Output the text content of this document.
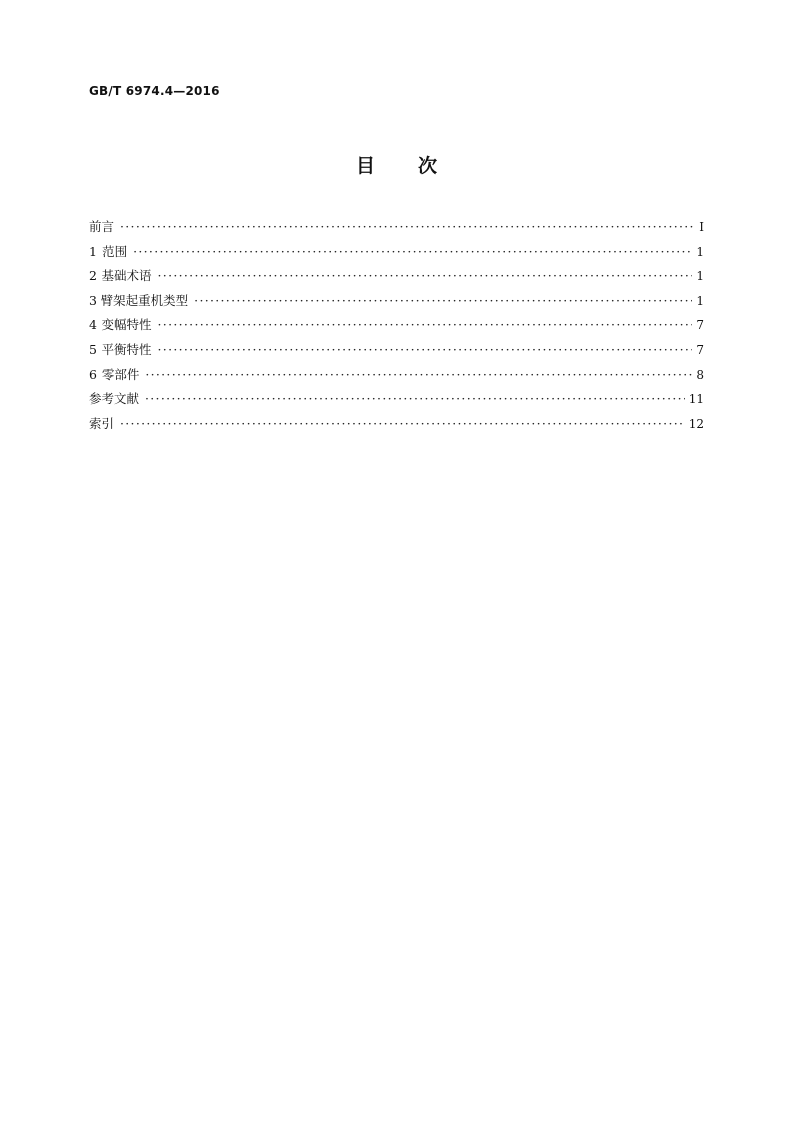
GB/T 6974.4—2016
目 次
前言 ·····	Ⅰ
1 范围 ·····	1
2 基础术语 ·····	1
3 臂架起重机类型 ·····	1
4 变幅特性 ·····	7
5 平衡特性 ·····	7
6 零部件 ·····	8
参考文献 ·····	11
索引 ·····	12
